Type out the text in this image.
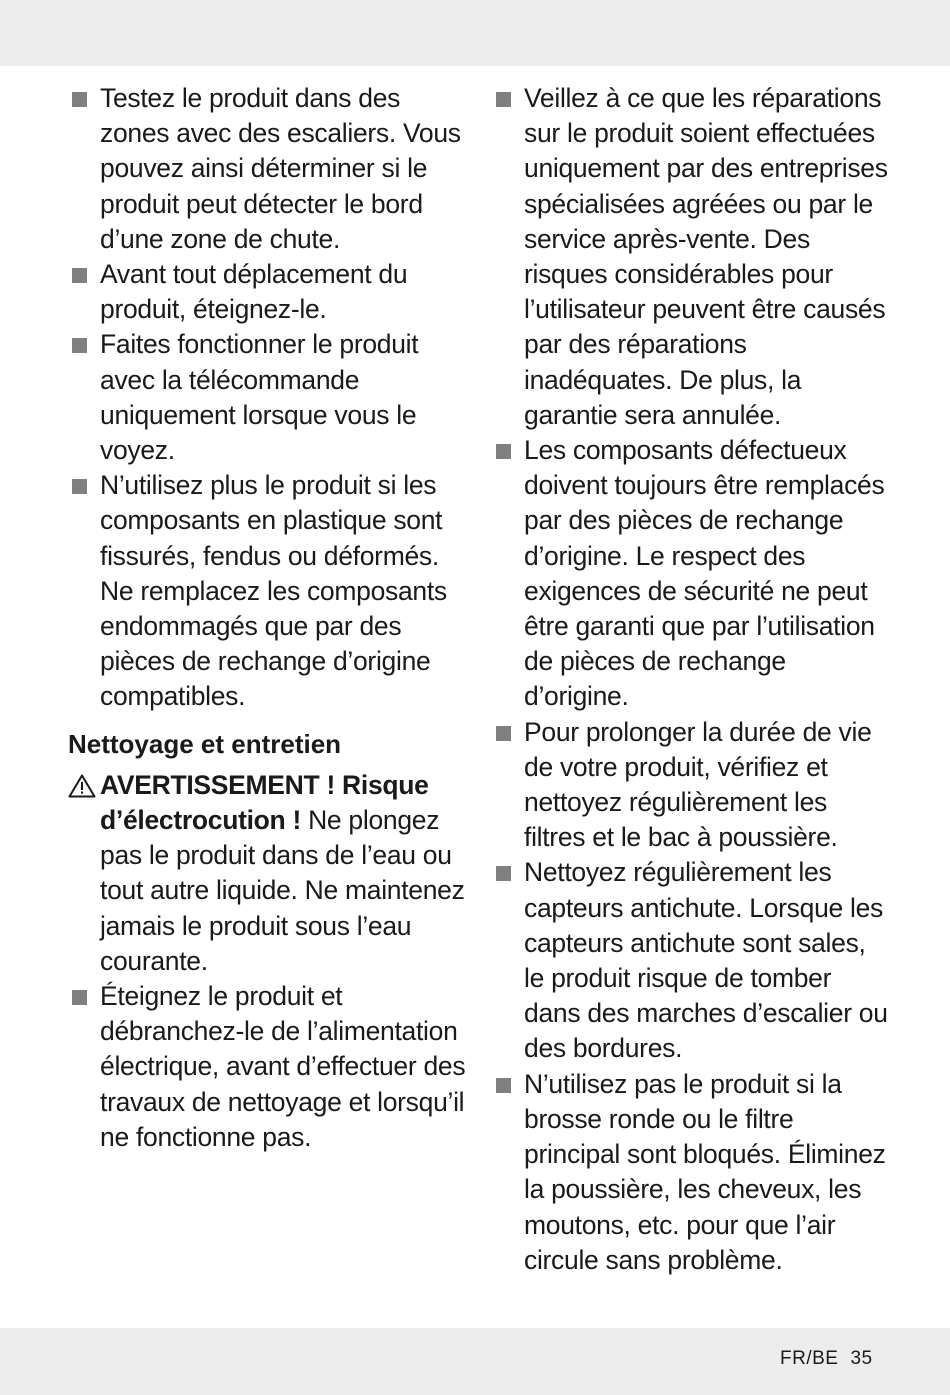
Testez le produit dans des zones avec des escaliers. Vous pouvez ainsi déterminer si le produit peut détecter le bord d’une zone de chute.
Avant tout déplacement du produit, éteignez-le.
Faites fonctionner le produit avec la télécommande uniquement lorsque vous le voyez.
N’utilisez plus le produit si les composants en plastique sont fissurés, fendus ou déformés. Ne remplacez les composants endommagés que par des pièces de rechange d’origine compatibles.
Nettoyage et entretien
AVERTISSEMENT ! Risque d’électrocution ! Ne plongez pas le produit dans de l’eau ou tout autre liquide. Ne maintenez jamais le produit sous l’eau courante.
Éteignez le produit et débranchez-le de l’alimentation électrique, avant d’effectuer des travaux de nettoyage et lorsqu’il ne fonctionne pas.
Veillez à ce que les réparations sur le produit soient effectuées uniquement par des entreprises spécialisées agréées ou par le service après-vente. Des risques considérables pour l’utilisateur peuvent être causés par des réparations inadéquates. De plus, la garantie sera annulée.
Les composants défectueux doivent toujours être remplacés par des pièces de rechange d’origine. Le respect des exigences de sécurité ne peut être garanti que par l’utilisation de pièces de rechange d’origine.
Pour prolonger la durée de vie de votre produit, vérifiez et nettoyez régulièrement les filtres et le bac à poussière.
Nettoyez régulièrement les capteurs antichute. Lorsque les capteurs antichute sont sales, le produit risque de tomber dans des marches d’escalier ou des bordures.
N’utilisez pas le produit si la brosse ronde ou le filtre principal sont bloqués. Éliminez la poussière, les cheveux, les moutons, etc. pour que l’air circule sans problème.
FR/BE 35
